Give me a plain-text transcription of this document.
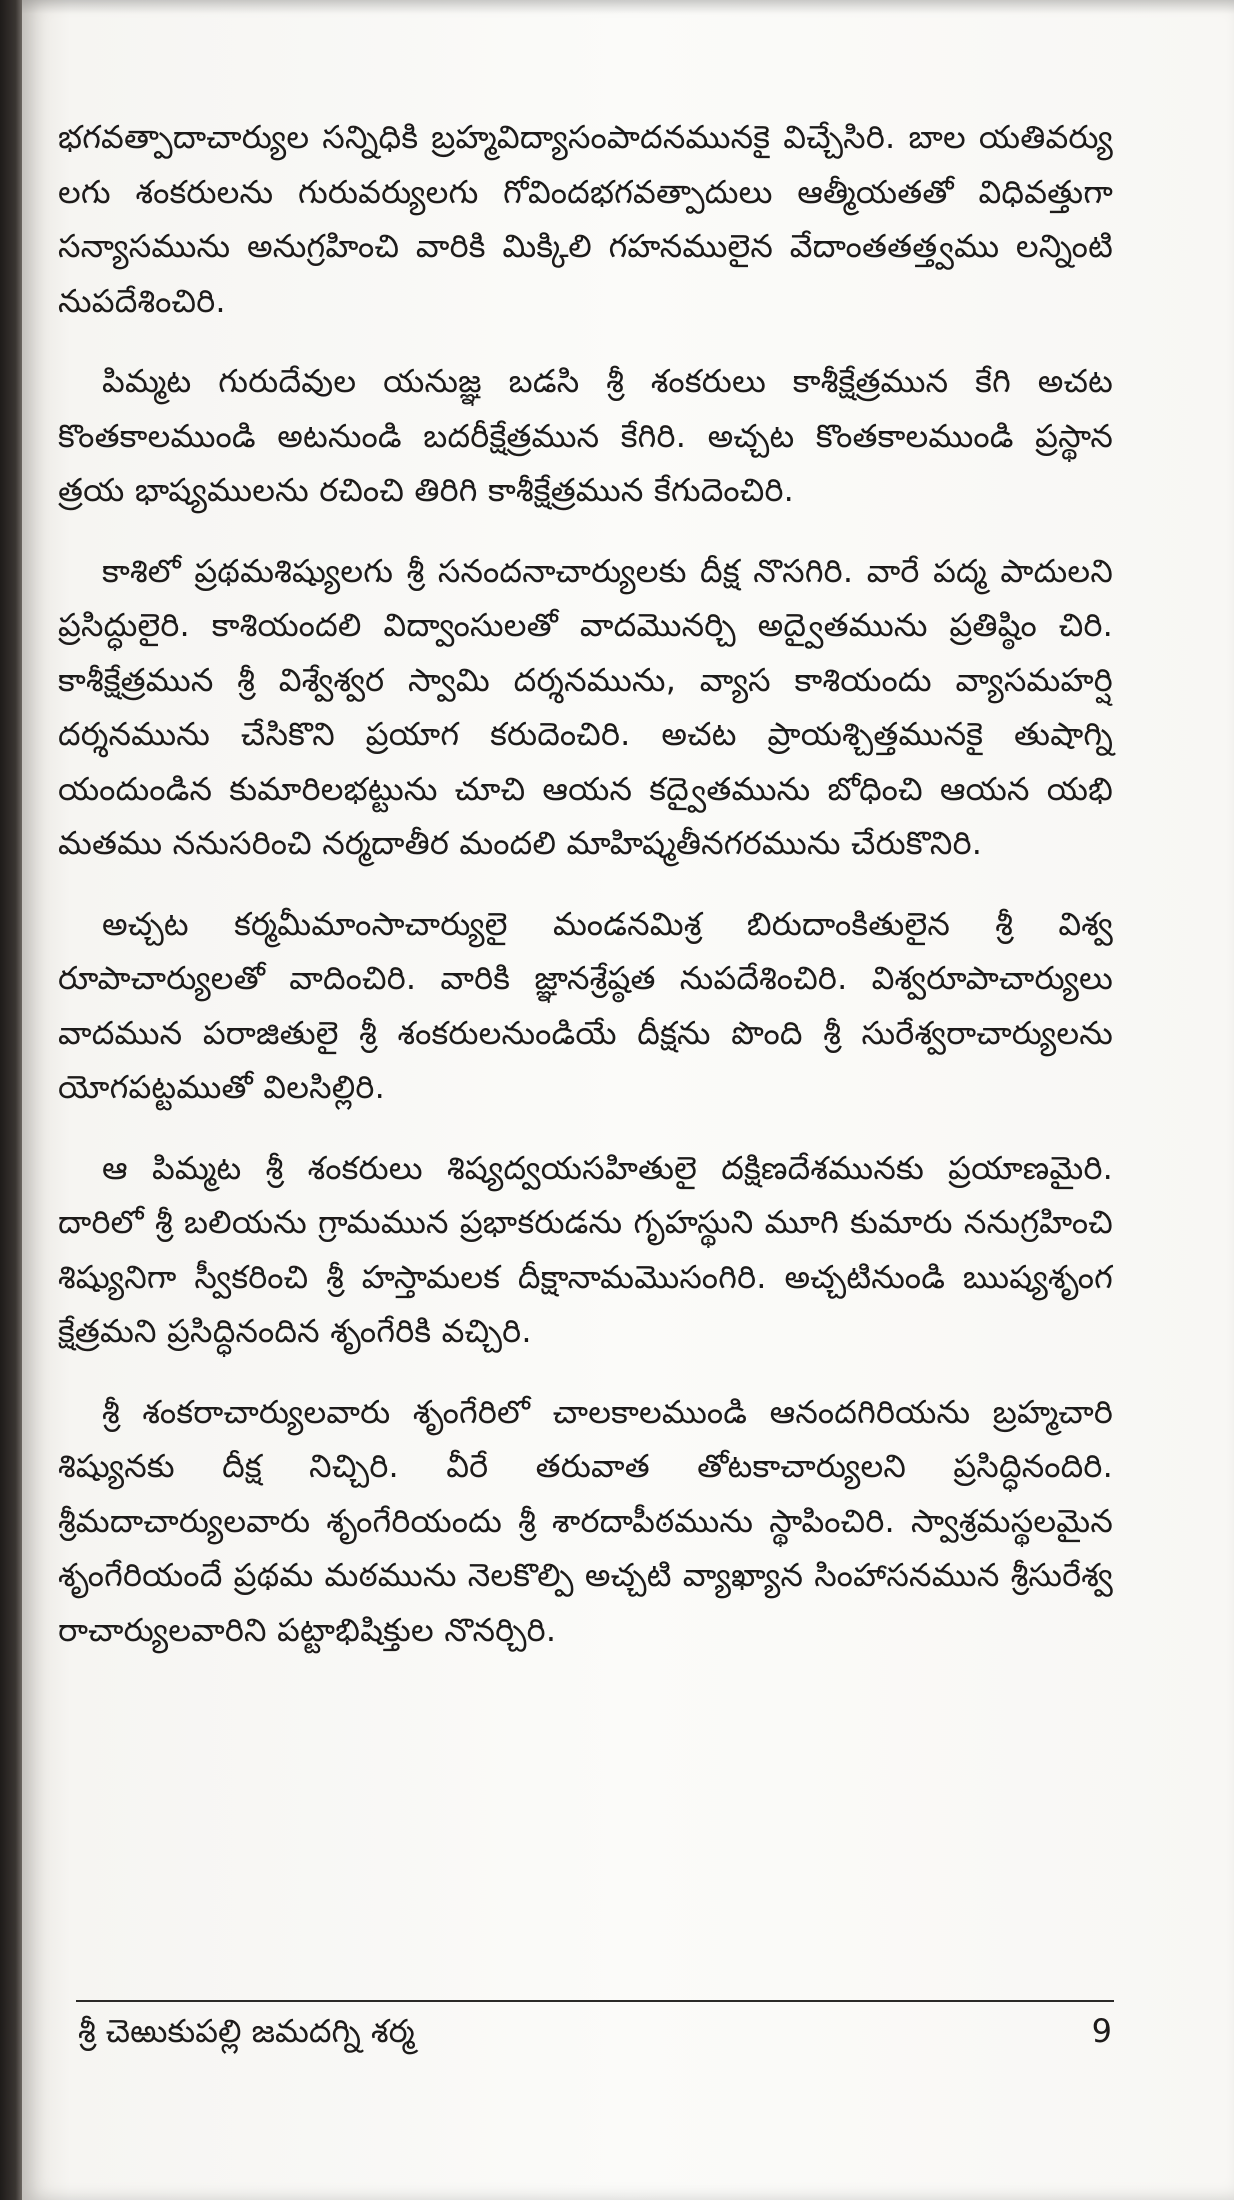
భగవత్పాదాచార్యుల సన్నిధికి బ్రహ్మవిద్యాసంపాదనమునకై విచ్చేసిరి. బాల యతివర్యు లగు శంకరులను గురువర్యులగు గోవిందభగవత్పాదులు ఆత్మీయతతో విధివత్తుగా సన్యాసమును అనుగ్రహించి వారికి మిక్కిలి గహనములైన వేదాంతతత్త్వము లన్నింటి నుపదేశించిరి.

పిమ్మట గురుదేవుల యనుజ్ఞ బడసి శ్రీ శంకరులు కాశీక్షేత్రమున కేగి అచట కొంతకాలముండి అటనుండి బదరీక్షేత్రమున కేగిరి. అచ్చట కొంతకాలముండి ప్రస్థాన త్రయ భాష్యములను రచించి తిరిగి కాశీక్షేత్రమున కేగుదెంచిరి.

కాశిలో ప్రథమశిష్యులగు శ్రీ సనందనాచార్యులకు దీక్ష నొసగిరి. వారే పద్మ పాదులని ప్రసిద్ధులైరి. కాశియందలి విద్వాంసులతో వాదమొనర్చి అద్వైతమును ప్రతిష్ఠిం చిరి. కాశీక్షేత్రమున శ్రీ విశ్వేశ్వర స్వామి దర్శనమును, వ్యాస కాశియందు వ్యాసమహర్షి దర్శనమును చేసికొని ప్రయాగ కరుదెంచిరి. అచట ప్రాయశ్చిత్తమునకై తుషాగ్ని యందుండిన కుమారిలభట్టును చూచి ఆయన కద్వైతమును బోధించి ఆయన యభి మతము ననుసరించి నర్మదాతీర మందలి మాహిష్మతీనగరమును చేరుకొనిరి.

అచ్చట కర్మమీమాంసాచార్యులై మండనమిశ్ర బిరుదాంకితులైన శ్రీ విశ్వ రూపాచార్యులతో వాదించిరి. వారికి జ్ఞానశ్రేష్ఠత నుపదేశించిరి. విశ్వరూపాచార్యులు వాదమున పరాజితులై శ్రీ శంకరులనుండియే దీక్షను పొంది శ్రీ సురేశ్వరాచార్యులను యోగపట్టముతో విలసిల్లిరి.

ఆ పిమ్మట శ్రీ శంకరులు శిష్యద్వయసహితులై దక్షిణదేశమునకు ప్రయాణమైరి. దారిలో శ్రీ బలియను గ్రామమున ప్రభాకరుడను గృహస్థుని మూగి కుమారు ననుగ్రహించి శిష్యునిగా స్వీకరించి శ్రీ హస్తామలక దీక్షానామమొసంగిరి. అచ్చటినుండి ఋష్యశృంగ క్షేత్రమని ప్రసిద్ధినందిన శృంగేరికి వచ్చిరి.

శ్రీ శంకరాచార్యులవారు శృంగేరిలో చాలకాలముండి ఆనందగిరియను బ్రహ్మచారి శిష్యునకు దీక్ష నిచ్చిరి. వీరే తరువాత తోటకాచార్యులని ప్రసిద్ధినందిరి. శ్రీమదాచార్యులవారు శృంగేరియందు శ్రీ శారదాపీఠమును స్థాపించిరి. స్వాశ్రమస్థలమైన శృంగేరియందే ప్రథమ మఠమును నెలకొల్పి అచ్చటి వ్యాఖ్యాన సింహాసనమున శ్రీసురేశ్వ రాచార్యులవారిని పట్టాభిషిక్తుల నొనర్చిరి.

శ్రీ చెఱుకుపల్లి జమదగ్ని శర్మ	9
